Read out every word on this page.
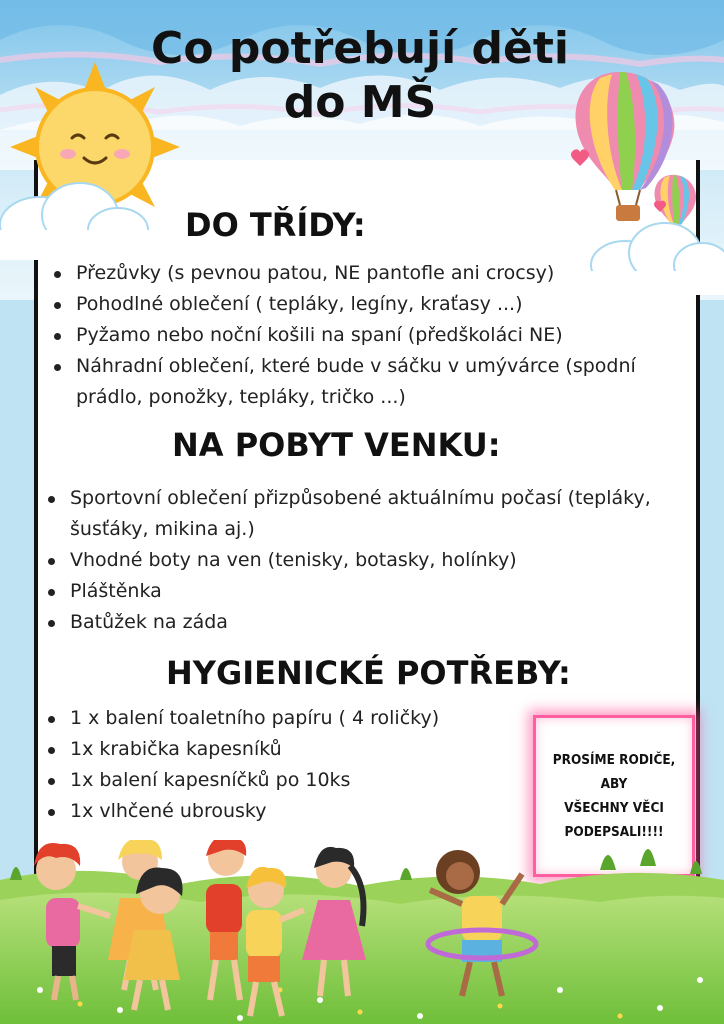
Co potřebují děti
do MŠ
DO TŘÍDY:
Přezůvky (s pevnou patou, NE pantofle ani crocsy)
Pohodlné oblečení ( tepláky, legíny, kraťasy ...)
Pyžamo nebo noční košili na spaní (předškoláci NE)
Náhradní oblečení, které bude v sáčku v umývárce (spodní prádlo, ponožky, tepláky, tričko ...)
NA POBYT VENKU:
Sportovní oblečení přizpůsobené aktuálnímu počasí (tepláky, šusťáky, mikina aj.)
Vhodné boty na ven (tenisky, botasky, holínky)
Pláštěnka
Batůžek na záda
HYGIENICKÉ POTŘEBY:
1 x balení toaletního papíru ( 4 roličky)
1x krabička kapesníků
1x balení kapesníčků po 10ks
1x vlhčené ubrousky
PROSÍME RODIČE,
ABY
VŠECHNY VĚCI
PODEPSALI!!!!
